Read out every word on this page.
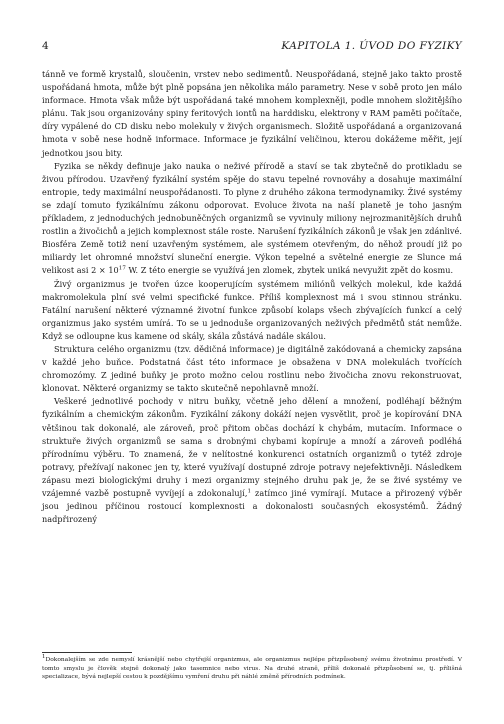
4	KAPITOLA 1. ÚVOD DO FYZIKY

tánně ve formě krystalů, sloučenin, vrstev nebo sedimentů. Neuspořádaná, stejně jako takto prostě uspořádaná hmota, může být plně popsána jen několika málo parametry. Nese v sobě proto jen málo informace. Hmota však může být uspořádaná také mnohem komplexněji, podle mnohem složitějšího plánu. Tak jsou organizovány spiny feritových iontů na harddisku, elektrony v RAM paměti počítače, díry vypálené do CD disku nebo molekuly v živých organismech. Složitě uspořádaná a organizovaná hmota v sobě nese hodně informace. Informace je fyzikální veličinou, kterou dokážeme měřit, její jednotkou jsou bity.

Fyzika se někdy definuje jako nauka o neživé přírodě a staví se tak zbytečně do protikladu se živou přírodou. Uzavřený fyzikální systém spěje do stavu tepelné rovnováhy a dosahuje maximální entropie, tedy maximální neuspořádanosti. To plyne z druhého zákona termodynamiky. Živé systémy se zdají tomuto fyzikálnímu zákonu odporovat. Evoluce života na naší planetě je toho jasným příkladem, z jednoduchých jednobuněčných organizmů se vyvinuly miliony nejrozmanitějších druhů rostlin a živočichů a jejich komplexnost stále roste. Narušení fyzikálních zákonů je však jen zdánlivé. Biosféra Země totiž není uzavřeným systémem, ale systémem otevřeným, do něhož proudí již po miliardy let ohromné množství sluneční energie. Výkon tepelné a světelné energie ze Slunce má velikost asi $2 \times 10^{17}$ W. Z této energie se využívá jen zlomek, zbytek uniká nevyužit zpět do kosmu.

Živý organizmus je tvořen úzce kooperujícím systémem miliónů velkých molekul, kde každá makromolekula plní své velmi specifické funkce. Příliš komplexnost má i svou stinnou stránku. Fatální narušení některé významné životní funkce způsobí kolaps všech zbývajících funkcí a celý organizmus jako systém umírá. To se u jednoduše organizovaných neživých předmětů stát nemůže. Když se odloupne kus kamene od skály, skála zůstává nadále skálou.

Struktura celého organizmu (tzv. dědičná informace) je digitálně zakódovaná a chemicky zapsána v každé jeho buňce. Podstatná část této informace je obsažena v DNA molekulách tvořících chromozómy. Z jediné buňky je proto možno celou rostlinu nebo živočicha znovu rekonstruovat, klonovat. Některé organizmy se takto skutečně nepohlavně množí.

Veškeré jednotlivé pochody v nitru buňky, včetně jeho dělení a množení, podléhají běžným fyzikálním a chemickým zákonům. Fyzikální zákony dokáží nejen vysvětlit, proč je kopírování DNA většinou tak dokonalé, ale zároveň, proč přitom občas dochází k chybám, mutacím. Informace o struktuře živých organizmů se sama s drobnými chybami kopíruje a množí a zároveň podléhá přírodnímu výběru. To znamená, že v nelítostné konkurenci ostatních organizmů o tytéž zdroje potravy, přežívají nakonec jen ty, které využívají dostupné zdroje potravy nejefektivněji. Následkem zápasu mezi biologickými druhy i mezi organizmy stejného druhu pak je, že se živé systémy ve vzájemné vazbě postupně vyvíjejí a zdokonalují,$^1$ zatímco jiné vymírají. Mutace a přirozený výběr jsou jedinou příčinou rostoucí komplexnosti a dokonalosti současných ekosystémů. Žádný nadpřirozený

$^1$Dokonalejším se zde nemyslí krásnější nebo chytřejší organizmus, ale organizmus nejlépe přizpůsobený svému životnímu prostředí. V tomto smyslu je člověk stejně dokonalý jako tasemnice nebo virus. Na druhé straně, příliš dokonalé přizpůsobení se, tj. přílišná specializace, bývá nejlepší cestou k pozdějšímu vymření druhu při náhlé změně přírodních podmínek.
